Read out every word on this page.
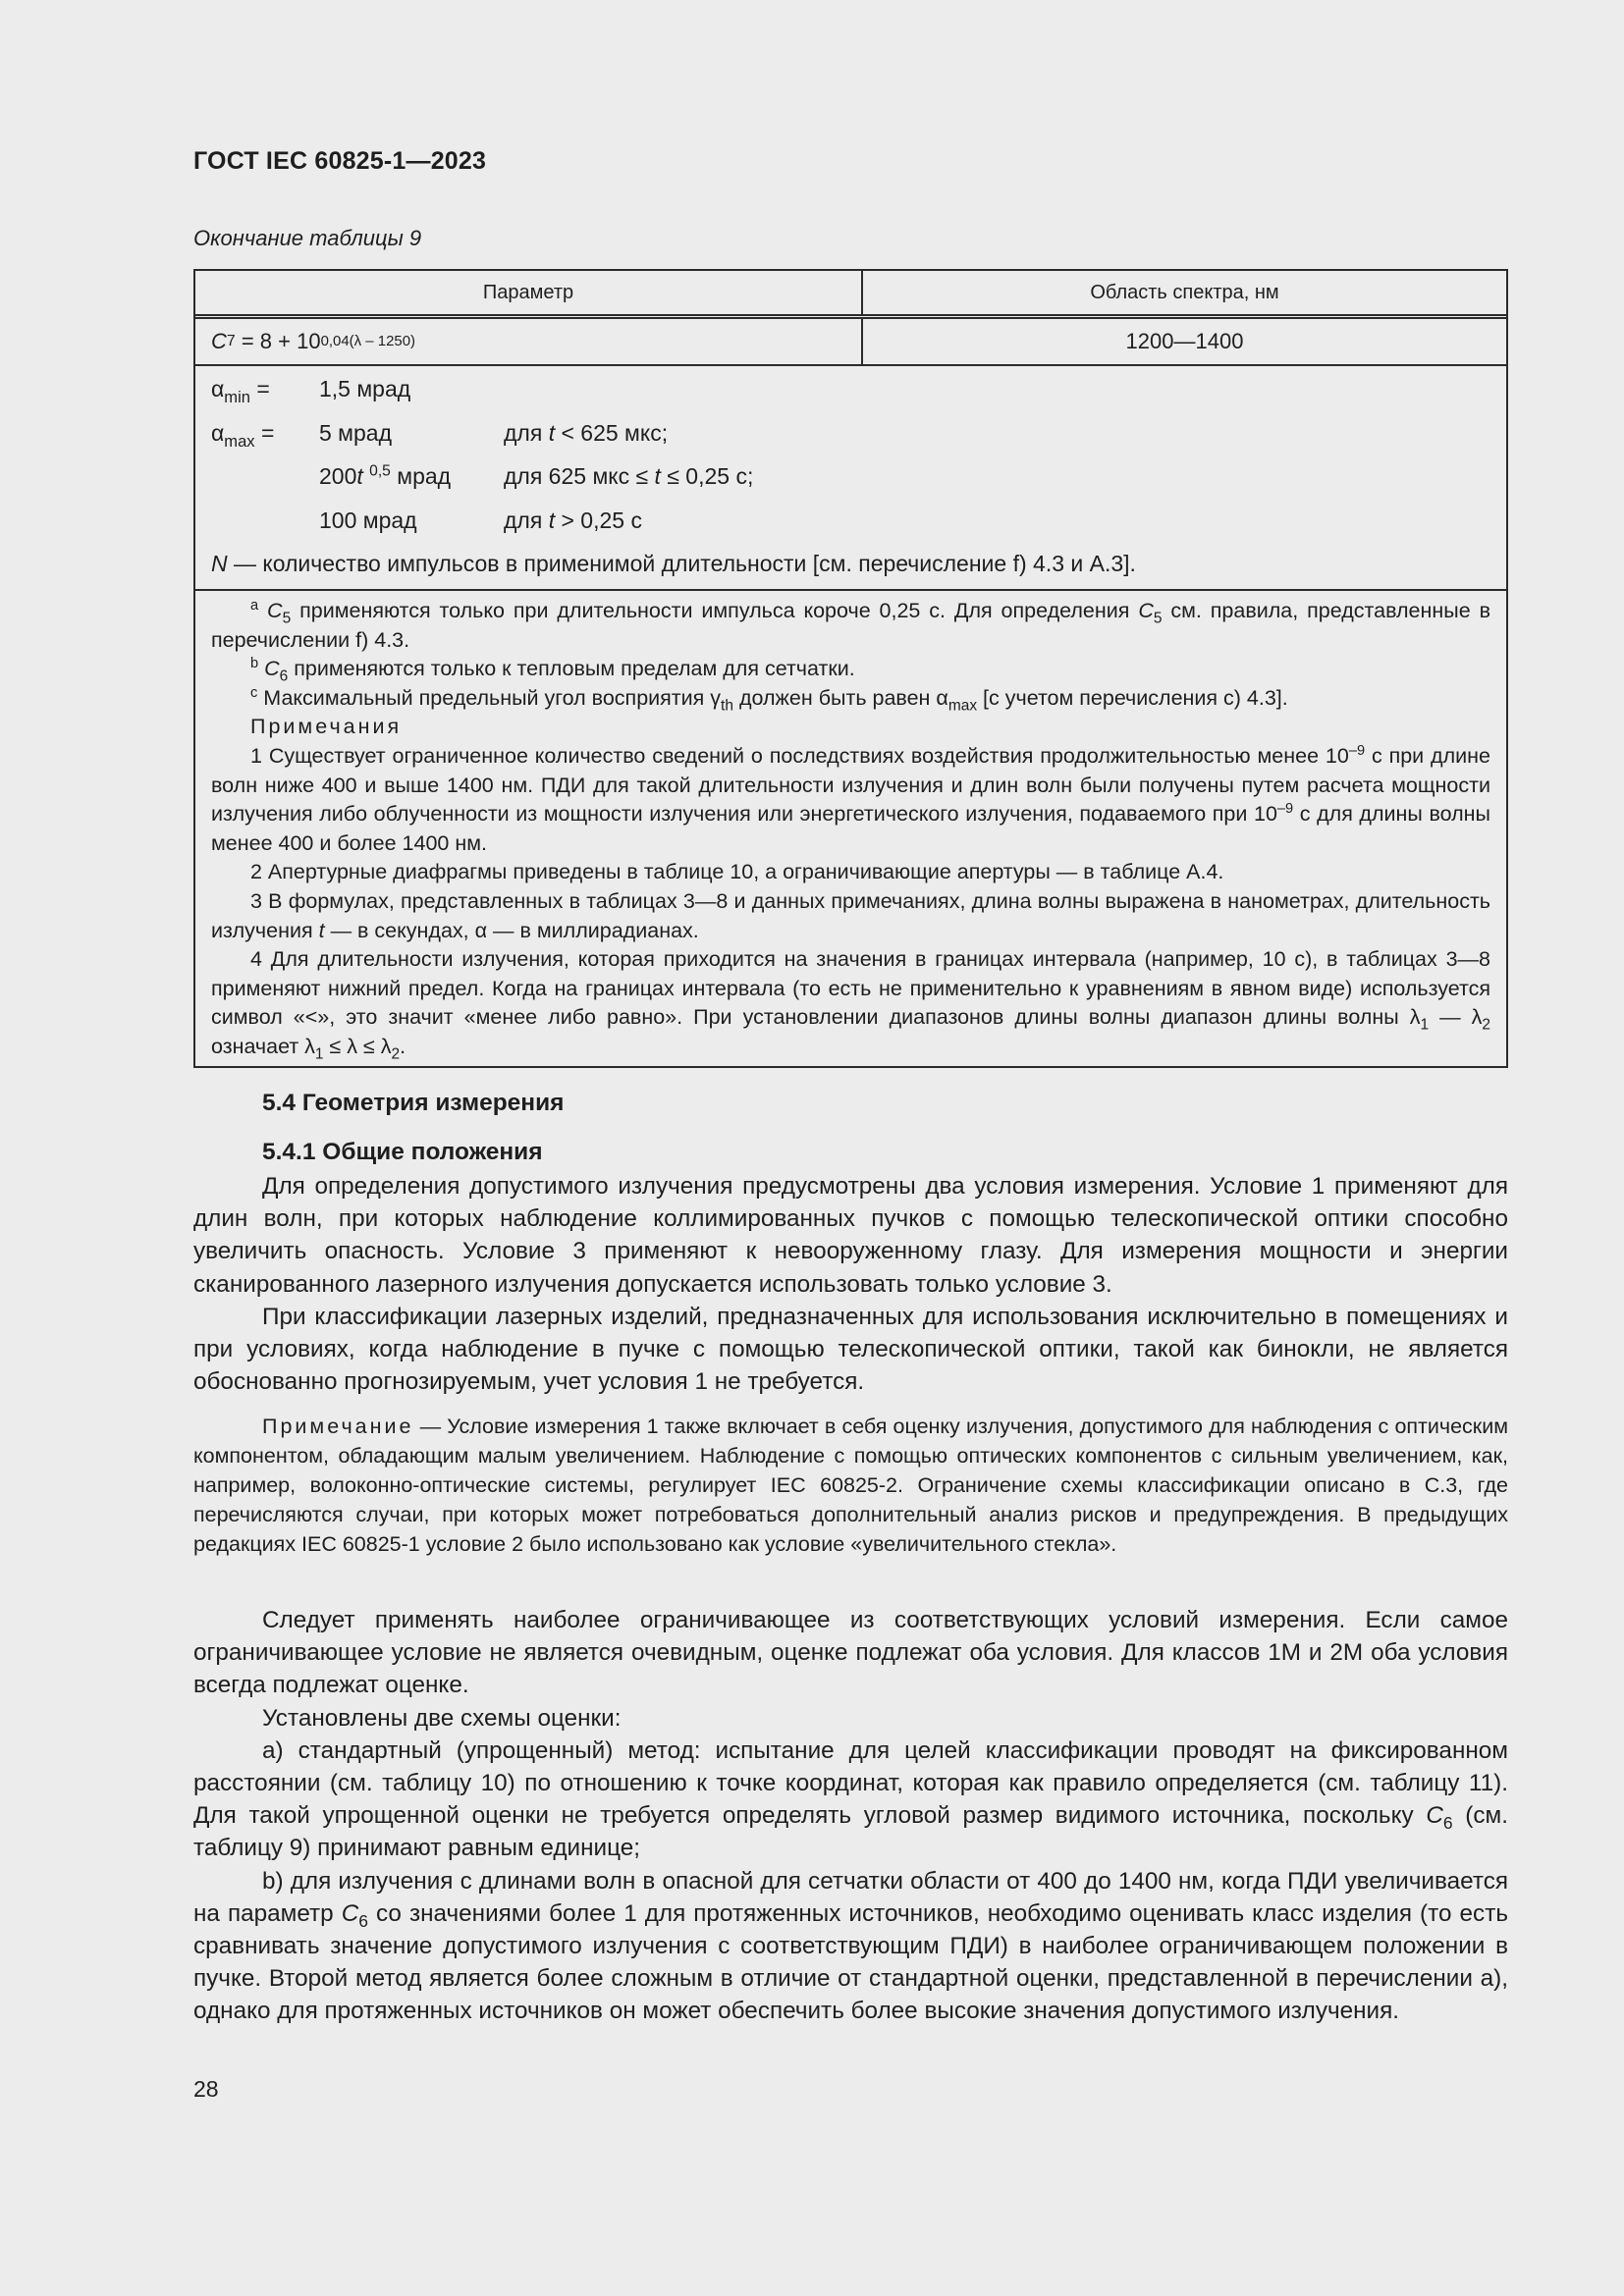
ГОСТ IEC 60825-1—2023
Окончание таблицы 9
Параметр	Область спектра, нм
C 7 = 8 + 10 0,04(λ – 1250)	1200—1400
$\alpha_{min} = 1,5$ мрад
$\alpha_{max} = 5$ мрад	для t < 625 мкс;
200t $^{0,5}$ мрад для 625 мкс ≤ t ≤ 0,25 с;
100 мрад	для t > 0,25 с
N — количество импульсов в применимой длительности [см. перечисление f) 4.3 и A.3].

$^a$ $C_5$ применяются только при длительности импульса короче 0,25 с. Для определения $C_5$ см. правила, представленные в перечислении f) 4.3.

$^b$ $C_6$ применяются только к тепловым пределам для сетчатки.

$^c$ Максимальный предельный угол восприятия $\gamma_{th}$ должен быть равен $\alpha_{max}$ [с учетом перечисления c) 4.3].

Примечания

1 Существует ограниченное количество сведений о последствиях воздействия продолжительностью менее $10^{-9}$ с при длине волн ниже 400 и выше 1400 нм. ПДИ для такой длительности излучения и длин волн были получены путем расчета мощности излучения либо облученности из мощности излучения или энергетического излучения, подаваемого при $10^{-9}$ с для длины волны менее 400 и более 1400 нм.

2 Апертурные диафрагмы приведены в таблице 10, а ограничивающие апертуры — в таблице A.4.

3 В формулах, представленных в таблицах 3—8 и данных примечаниях, длина волны выражена в нанометрах, длительность излучения t — в секундах, α — в миллирадианах.

4 Для длительности излучения, которая приходится на значения в границах интервала (например, 10 с), в таблицах 3—8 применяют нижний предел. Когда на границах интервала (то есть не применительно к уравнениям в явном виде) используется символ «<», это значит «менее либо равно». При установлении диапазонов длины волны диапазон длины волны $\lambda_1$ — $\lambda_2$ означает $\lambda_1 \le \lambda \le \lambda_2$.

5.4 Геометрия измерения
5.4.1 Общие положения

Для определения допустимого излучения предусмотрены два условия измерения. Условие 1 применяют для длин волн, при которых наблюдение коллимированных пучков с помощью телескопической оптики способно увеличить опасность. Условие 3 применяют к невооруженному глазу. Для измерения мощности и энергии сканированного лазерного излучения допускается использовать только условие 3.

При классификации лазерных изделий, предназначенных для использования исключительно в помещениях и при условиях, когда наблюдение в пучке с помощью телескопической оптики, такой как бинокли, не является обоснованно прогнозируемым, учет условия 1 не требуется.

Примечание — Условие измерения 1 также включает в себя оценку излучения, допустимого для наблюдения с оптическим компонентом, обладающим малым увеличением. Наблюдение с помощью оптических компонентов с сильным увеличением, как, например, волоконно-оптические системы, регулирует IEC 60825-2. Ограничение схемы классификации описано в C.3, где перечисляются случаи, при которых может потребоваться дополнительный анализ рисков и предупреждения. В предыдущих редакциях IEC 60825-1 условие 2 было использовано как условие «увеличительного стекла».

Следует применять наиболее ограничивающее из соответствующих условий измерения. Если самое ограничивающее условие не является очевидным, оценке подлежат оба условия. Для классов 1M и 2M оба условия всегда подлежат оценке.

Установлены две схемы оценки:

a) стандартный (упрощенный) метод: испытание для целей классификации проводят на фиксированном расстоянии (см. таблицу 10) по отношению к точке координат, которая как правило определяется (см. таблицу 11). Для такой упрощенной оценки не требуется определять угловой размер видимого источника, поскольку $C_6$ (см. таблицу 9) принимают равным единице;

b) для излучения с длинами волн в опасной для сетчатки области от 400 до 1400 нм, когда ПДИ увеличивается на параметр $C_6$ со значениями более 1 для протяженных источников, необходимо оценивать класс изделия (то есть сравнивать значение допустимого излучения с соответствующим ПДИ) в наиболее ограничивающем положении в пучке. Второй метод является более сложным в отличие от стандартной оценки, представленной в перечислении a), однако для протяженных источников он может обеспечить более высокие значения допустимого излучения.

28
